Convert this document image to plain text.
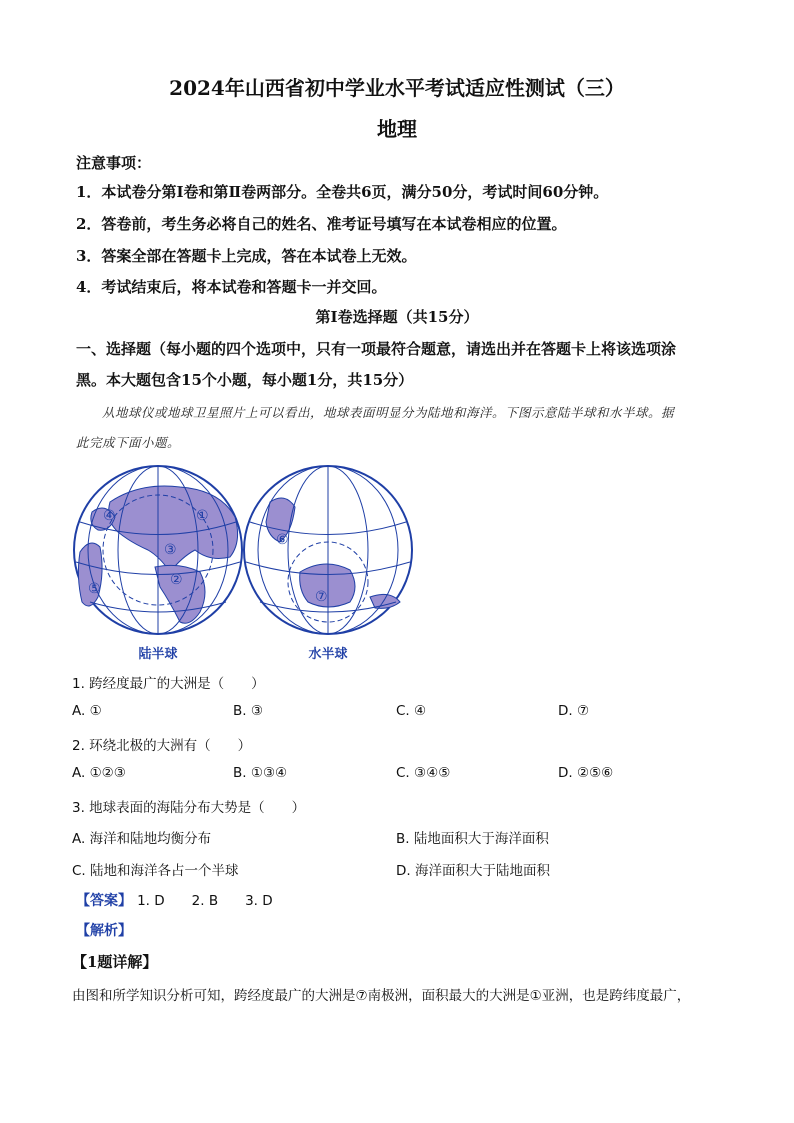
2024年山西省初中学业水平考试适应性测试（三）
地理
注意事项：
1．本试卷分第Ⅰ卷和第Ⅱ卷两部分。全卷共6页，满分50分，考试时间60分钟。
2．答卷前，考生务必将自己的姓名、准考证号填写在本试卷相应的位置。
3．答案全部在答题卡上完成，答在本试卷上无效。
4．考试结束后，将本试卷和答题卡一并交回。
第Ⅰ卷选择题（共15分）
一、选择题（每小题的四个选项中，只有一项最符合题意，请选出并在答题卡上将该选项涂
黑。本大题包含15个小题，每小题1分，共15分）
从地球仪或地球卫星照片上可以看出，地球表面明显分为陆地和海洋。下图示意陆半球和水半球。据
此完成下面小题。
①
②
③
④
⑤
⑥
⑦
陆半球	水半球
1. 跨经度最广的大洲是（　　）
A. ①	B. ③	C. ④	D. ⑦
2. 环绕北极的大洲有（　　）
A. ①②③	B. ①③④	C. ③④⑤	D. ②⑤⑥
3. 地球表面的海陆分布大势是（　　）
A. 海洋和陆地均衡分布	B. 陆地面积大于海洋面积
C. 陆地和海洋各占一个半球	D. 海洋面积大于陆地面积
【答案】 1. D　　2. B　　3. D
【解析】
【1题详解】
由图和所学知识分析可知，跨经度最广的大洲是⑦南极洲，面积最大的大洲是①亚洲，也是跨纬度最广，
